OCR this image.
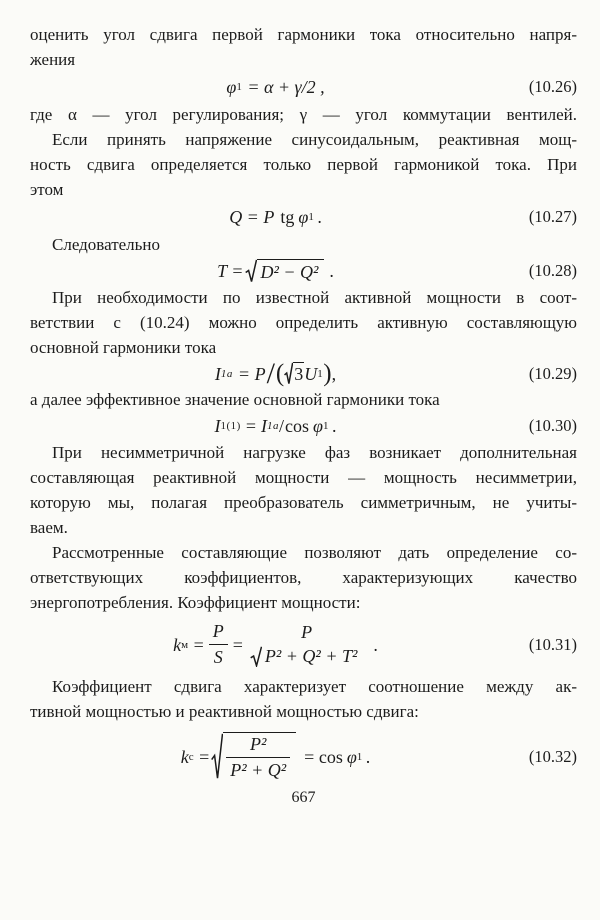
оценить угол сдвига первой гармоники тока относительно напря-
жения

φ 1 = α + γ/2 ,	(10.26)

где α — угол регулирования; γ — угол коммутации вентилей.

Если принять напряжение синусоидальным, реактивная мощ-
ность сдвига определяется только первой гармоникой тока. При
этом

Q = P tg φ 1 .	(10.27)

Следовательно

T = D² − Q² .	(10.28)

При необходимости по известной активной мощности в соот-
ветствии с (10.24) можно определить активную составляющую
основной гармоники тока

I 1a = P / ( 3 U 1 ) ,	(10.29)

а далее эффективное значение основной гармоники тока

I 1(1) = I 1a / cos φ 1 .	(10.30)

При несимметричной нагрузке фаз возникает дополнительная
составляющая реактивной мощности — мощность несимметрии,
которую мы, полагая преобразователь симметричным, не учиты-
ваем.

Рассмотренные составляющие позволяют дать определение со-
ответствующих коэффициентов, характеризующих качество
энергопотребления. Коэффициент мощности:

k $м = \frac{P}{S}$ =
P
P² + Q² + T²
.	(10.31)

Коэффициент сдвига характеризует соотношение между ак-
тивной мощностью и реактивной мощностью сдвига:

k $с = \frac{\text{P²}}{\text{P² + Q²}} = \cos \varphi$ 1 .	(10.32)
667
